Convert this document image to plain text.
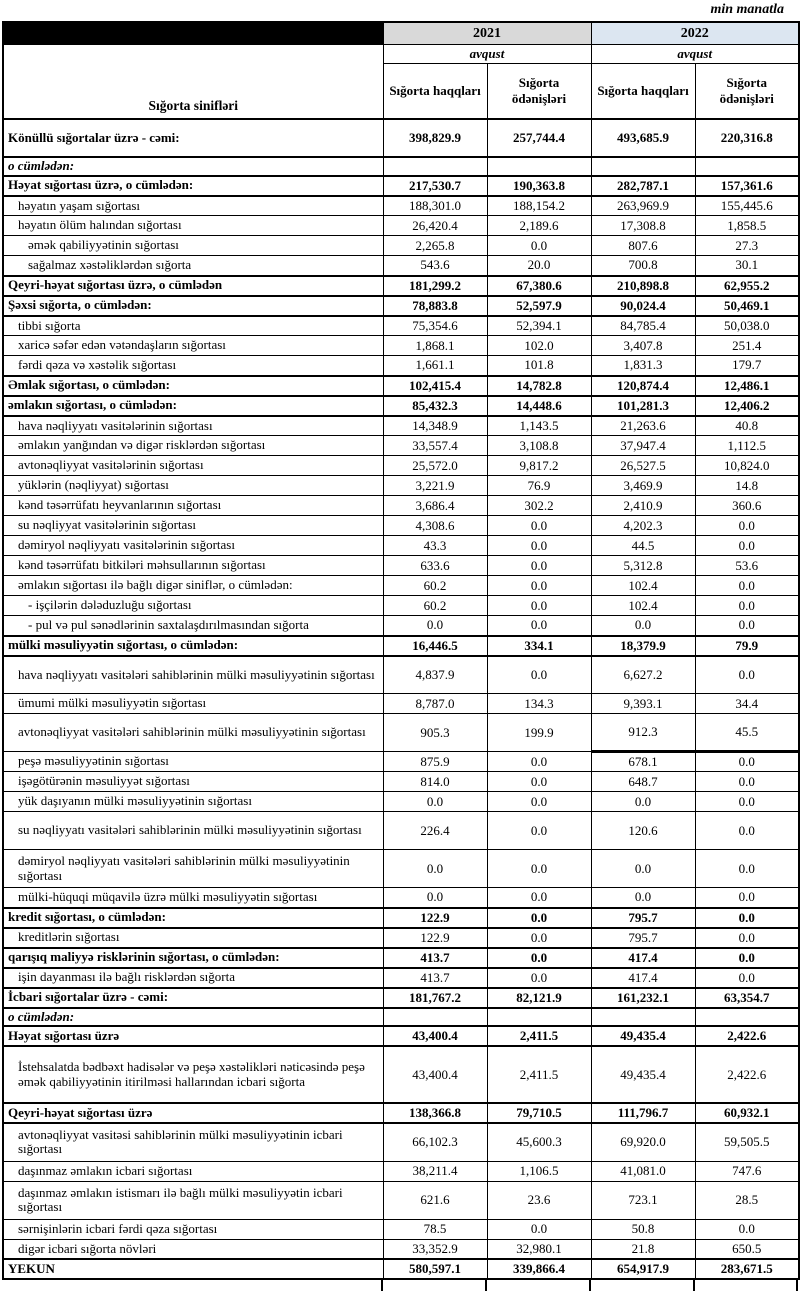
min manatla
	2021		2022	
Sığorta sinifləri	avqust		avqust	
	Sığorta haqqları	Sığorta ödənişləri	Sığorta haqqları	Sığorta ödənişləri
Könüllü sığortalar üzrə - cəmi:	398,829.9	257,744.4	493,685.9	220,316.8
o cümlədən:				
Həyat sığortası üzrə, o cümlədən:	217,530.7	190,363.8	282,787.1	157,361.6
həyatın yaşam sığortası	188,301.0	188,154.2	263,969.9	155,445.6
həyatın ölüm halından sığortası	26,420.4	2,189.6	17,308.8	1,858.5
əmək qabiliyyətinin sığortası	2,265.8	0.0	807.6	27.3
sağalmaz xəstəliklərdən sığorta	543.6	20.0	700.8	30.1
Qeyri-həyat sığortası üzrə, o cümlədən	181,299.2	67,380.6	210,898.8	62,955.2
Şəxsi sığorta, o cümlədən:	78,883.8	52,597.9	90,024.4	50,469.1
tibbi sığorta	75,354.6	52,394.1	84,785.4	50,038.0
xaricə səfər edən vətəndaşların sığortası	1,868.1	102.0	3,407.8	251.4
fərdi qəza və xəstəlik sığortası	1,661.1	101.8	1,831.3	179.7
Əmlak sığortası, o cümlədən:	102,415.4	14,782.8	120,874.4	12,486.1
əmlakın sığortası, o cümlədən:	85,432.3	14,448.6	101,281.3	12,406.2
hava nəqliyyatı vasitələrinin sığortası	14,348.9	1,143.5	21,263.6	40.8
əmlakın yanğından və digər risklərdən sığortası	33,557.4	3,108.8	37,947.4	1,112.5
avtonəqliyyat vasitələrinin sığortası	25,572.0	9,817.2	26,527.5	10,824.0
yüklərin (nəqliyyat) sığortası	3,221.9	76.9	3,469.9	14.8
kənd təsərrüfatı heyvanlarının sığortası	3,686.4	302.2	2,410.9	360.6
su nəqliyyat vasitələrinin sığortası	4,308.6	0.0	4,202.3	0.0
dəmiryol nəqliyyatı vasitələrinin sığortası	43.3	0.0	44.5	0.0
kənd təsərrüfatı bitkiləri məhsullarının sığortası	633.6	0.0	5,312.8	53.6
əmlakın sığortası ilə bağlı digər siniflər, o cümlədən:	60.2	0.0	102.4	0.0
- işçilərin dələduzluğu sığortası	60.2	0.0	102.4	0.0
- pul və pul sənədlərinin saxtalaşdırılmasından sığorta	0.0	0.0	0.0	0.0
mülki məsuliyyətin sığortası, o cümlədən:	16,446.5	334.1	18,379.9	79.9
hava nəqliyyatı vasitələri sahiblərinin mülki məsuliyyətinin sığortası	4,837.9	0.0	6,627.2	0.0
ümumi mülki məsuliyyətin sığortası	8,787.0	134.3	9,393.1	34.4
avtonəqliyyat vasitələri sahiblərinin mülki məsuliyyətinin sığortası	905.3	199.9	912.3	45.5
peşə məsuliyyətinin sığortası	875.9	0.0	678.1	0.0
işəgötürənin məsuliyyət sığortası	814.0	0.0	648.7	0.0
yük daşıyanın mülki məsuliyyətinin sığortası	0.0	0.0	0.0	0.0
su nəqliyyatı vasitələri sahiblərinin mülki məsuliyyətinin sığortası	226.4	0.0	120.6	0.0
dəmiryol nəqliyyatı vasitələri sahiblərinin mülki məsuliyyətinin sığortası	0.0	0.0	0.0	0.0
mülki-hüquqi müqavilə üzrə mülki məsuliyyətin sığortası	0.0	0.0	0.0	0.0
kredit sığortası, o cümlədən:	122.9	0.0	795.7	0.0
kreditlərin sığortası	122.9	0.0	795.7	0.0
qarışıq maliyyə risklərinin sığortası, o cümlədən:	413.7	0.0	417.4	0.0
işin dayanması ilə bağlı risklərdən sığorta	413.7	0.0	417.4	0.0
İcbari sığortalar üzrə - cəmi:	181,767.2	82,121.9	161,232.1	63,354.7
o cümlədən:				
Həyat sığortası üzrə	43,400.4	2,411.5	49,435.4	2,422.6
İstehsalatda bədbəxt hadisələr və peşə xəstəlikləri nəticəsində peşə əmək qabiliyyətinin itirilməsi hallarından icbari sığorta	43,400.4	2,411.5	49,435.4	2,422.6
Qeyri-həyat sığortası üzrə	138,366.8	79,710.5	111,796.7	60,932.1
avtonəqliyyat vasitəsi sahiblərinin mülki məsuliyyətinin icbari sığortası	66,102.3	45,600.3	69,920.0	59,505.5
daşınmaz əmlakın icbari sığortası	38,211.4	1,106.5	41,081.0	747.6
daşınmaz əmlakın istismarı ilə bağlı mülki məsuliyyətin icbari sığortası	621.6	23.6	723.1	28.5
sərnişinlərin icbari fərdi qəza sığortası	78.5	0.0	50.8	0.0
digər icbari sığorta növləri	33,352.9	32,980.1	21.8	650.5
YEKUN	580,597.1	339,866.4	654,917.9	283,671.5
